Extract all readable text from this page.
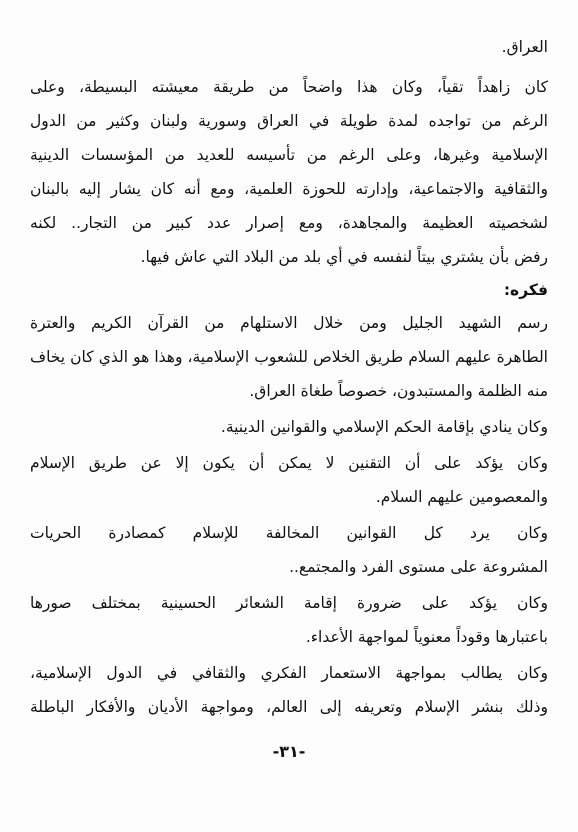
العراق.
كان زاهداً تقياً، وكان هذا واضحاً من طريقة معيشته البسيطة، وعلى
الرغم من تواجده لمدة طويلة في العراق وسورية ولبنان وكثير من الدول
الإسلامية وغيرها، وعلى الرغم من تأسيسه للعديد من المؤسسات الدينية
والثقافية والاجتماعية، وإدارته للحوزة العلمية، ومع أنه كان يشار إليه بالبنان
لشخصيته العظيمة والمجاهدة، ومع إصرار عدد كبير من التجار.. لكنه
رفض بأن يشتري بيتاً لنفسه في أي بلد من البلاد التي عاش فيها.
فكره:
رسم الشهيد الجليل ومن خلال الاستلهام من القرآن الكريم والعترة
الطاهرة عليهم السلام طريق الخلاص للشعوب الإسلامية، وهذا هو الذي كان يخاف
منه الظلمة والمستبدون، خصوصاً طغاة العراق.
وكان ينادي بإقامة الحكم الإسلامي والقوانين الدينية.
وكان يؤكد على أن التقنين لا يمكن أن يكون إلا عن طريق الإسلام
والمعصومين عليهم السلام.
وكان يرد كل القوانين المخالفة للإسلام كمصادرة الحريات
المشروعة على مستوى الفرد والمجتمع..
وكان يؤكد على ضرورة إقامة الشعائر الحسينية بمختلف صورها
باعتبارها وقوداً معنوياً لمواجهة الأعداء.
وكان يطالب بمواجهة الاستعمار الفكري والثقافي في الدول الإسلامية،
وذلك بنشر الإسلام وتعريفه إلى العالم، ومواجهة الأديان والأفكار الباطلة
-٣١-
